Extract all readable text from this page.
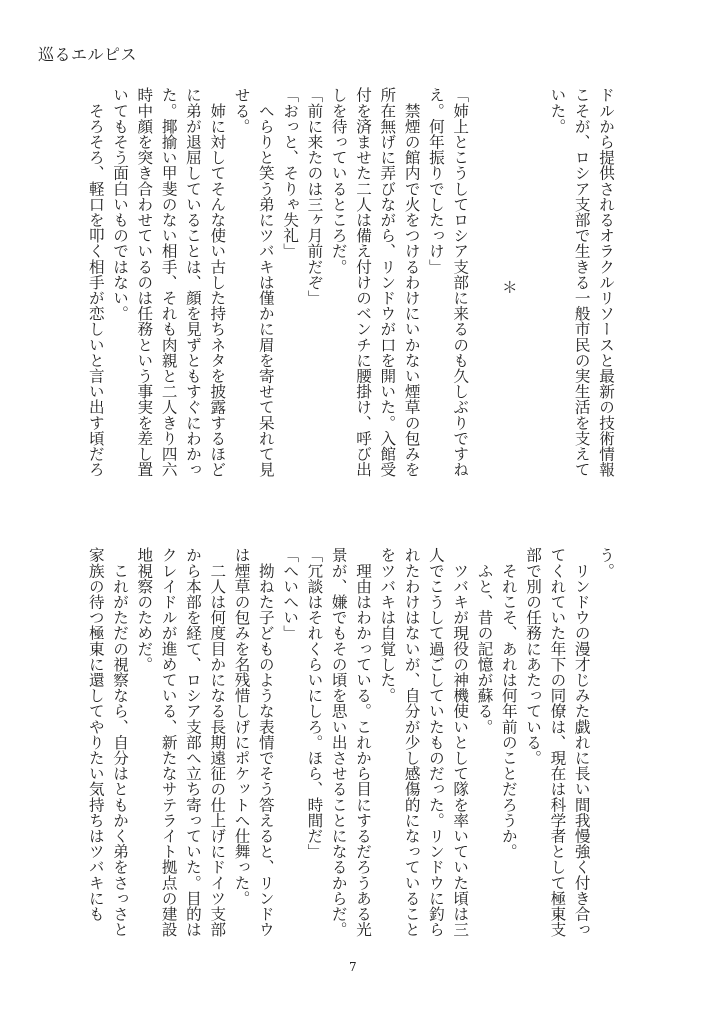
巡るエルピス
ドルから提供されるオラクルリソースと最新の技術情報
こそが、ロシア支部で生きる一般市民の実生活を支えて
いた。
＊
「姉上とこうしてロシア支部に来るのも久しぶりですね
え。何年振りでしたっけ」
　禁煙の館内で火をつけるわけにいかない煙草の包みを
所在無げに弄びながら、リンドウが口を開いた。入館受
付を済ませた二人は備え付けのベンチに腰掛け、呼び出
しを待っているところだ。
「前に来たのは三ヶ月前だぞ」
「おっと、そりゃ失礼」
　へらりと笑う弟にツバキは僅かに眉を寄せて呆れて見
せる。
　姉に対してそんな使い古した持ちネタを披露するほど
に弟が退屈していることは、顔を見ずともすぐにわかっ
た。揶揄い甲斐のない相手、それも肉親と二人きり四六
時中顔を突き合わせているのは任務という事実を差し置
いてもそう面白いものではない。
　そろそろ、軽口を叩く相手が恋しいと言い出す頃だろ
う。
　リンドウの漫才じみた戯れに長い間我慢強く付き合っ
てくれていた年下の同僚は、現在は科学者として極東支
部で別の任務にあたっている。
　それこそ、あれは何年前のことだろうか。
　ふと、昔の記憶が蘇る。
　ツバキが現役の神機使いとして隊を率いていた頃は三
人でこうして過ごしていたものだった。リンドウに釣ら
れたわけはないが、自分が少し感傷的になっていること
をツバキは自覚した。
　理由はわかっている。これから目にするだろうある光
景が、嫌でもその頃を思い出させることになるからだ。
「冗談はそれくらいにしろ。ほら、時間だ」
「へいへい」
　拗ねた子どものような表情でそう答えると、リンドウ
は煙草の包みを名残惜しげにポケットへ仕舞った。
　二人は何度目かになる長期遠征の仕上げにドイツ支部
から本部を経て、ロシア支部へ立ち寄っていた。目的は
クレイドルが進めている、新たなサテライト拠点の建設
地視察のためだ。
　これがただの視察なら、自分はともかく弟をさっさと
家族の待つ極東に還してやりたい気持ちはツバキにも
7
